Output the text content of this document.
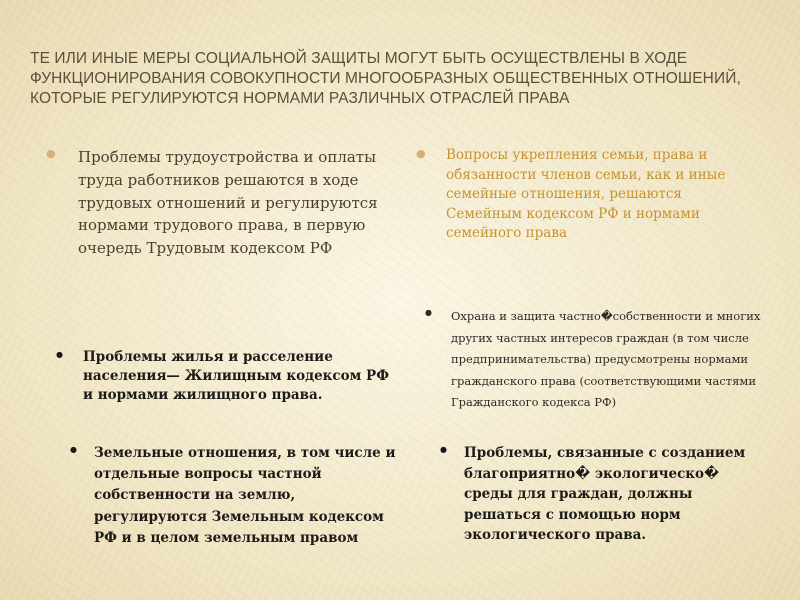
ТЕ ИЛИ ИНЫЕ МЕРЫ СОЦИАЛЬНОЙ ЗАЩИТЫ МОГУТ БЫТЬ ОСУЩЕСТВЛЕНЫ В ХОДЕ ФУНКЦИОНИРОВАНИЯ СОВОКУПНОСТИ МНОГООБРАЗНЫХ ОБЩЕСТВЕННЫХ ОТНОШЕНИЙ, КОТОРЫЕ РЕГУЛИРУЮТСЯ НОРМАМИ РАЗЛИЧНЫХ ОТРАСЛЕЙ ПРАВА
●	Проблемы трудоустройства и оплаты труда работников решаются в ходе трудовых отношений и регулируются нормами трудового права, в первую очередь Трудовым кодексом РФ
●	Вопросы укрепления семьи, права и обязанности членов семьи, как и иные семейные отношения, решаются Семейным кодексом РФ и нормами семейного права
●	Охрана и защита частно�собственности и многих других частных интересов граждан (в том числе предпринимательства) предусмотрены нормами гражданского права (соответствующими частями Гражданского кодекса РФ)
●	Проблемы жилья и расселение населения— Жилищным кодексом РФ и нормами жилищного права.
●	Земельные отношения, в том числе и отдельные вопросы частной собственности на землю, регулируются Земельным кодексом РФ и в целом земельным правом
●	Проблемы, связанные с созданием благоприятно� экологическо� среды для граждан, должны решаться с помощью норм экологического права.
